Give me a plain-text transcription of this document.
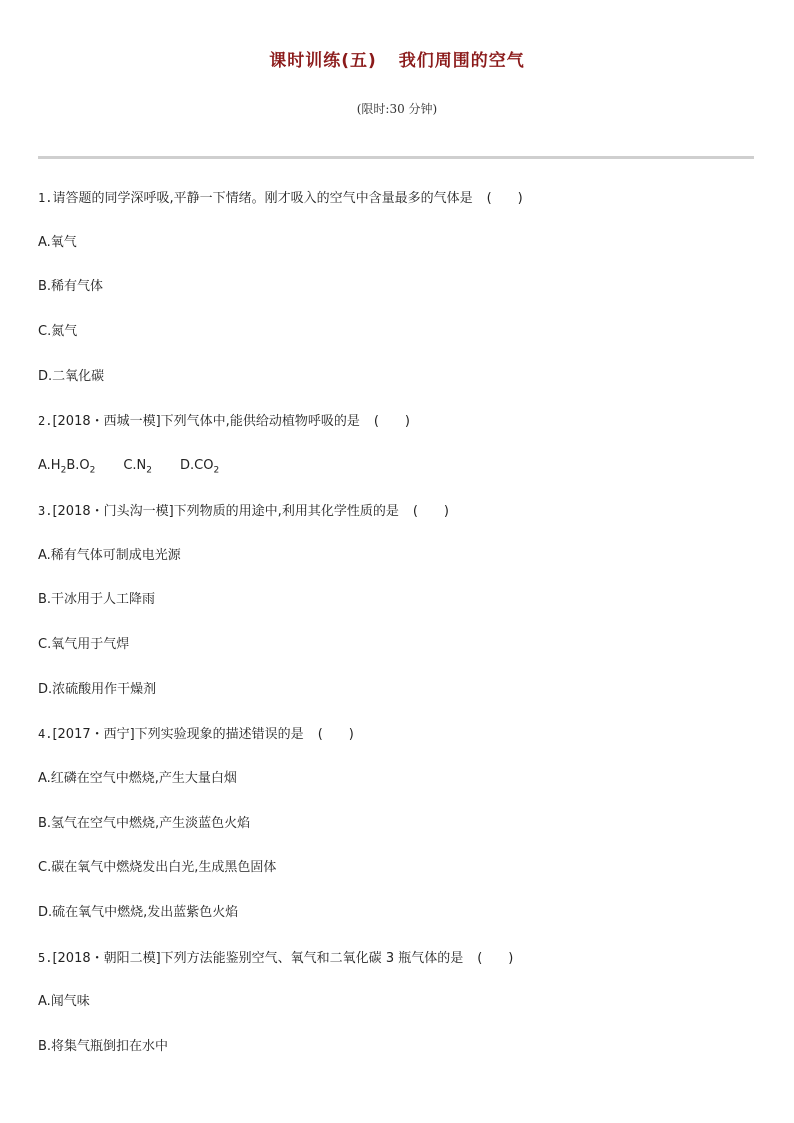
课时训练(五) 我们周围的空气
(限时:30 分钟)
1.请答题的同学深呼吸,平静一下情绪。刚才吸入的空气中含量最多的气体是 (　　)
A.氧气
B.稀有气体
C.氮气
D.二氧化碳
2.[2018・西城一模]下列气体中,能供给动植物呼吸的是 (　　)
$A.H_2B.O_2$ $C.N_2$ $D.CO_2$
3.[2018・门头沟一模]下列物质的用途中,利用其化学性质的是 (　　)
A.稀有气体可制成电光源
B.干冰用于人工降雨
C.氧气用于气焊
D.浓硫酸用作干燥剂
4.[2017・西宁]下列实验现象的描述错误的是 (　　)
A.红磷在空气中燃烧,产生大量白烟
B.氢气在空气中燃烧,产生淡蓝色火焰
C.碳在氧气中燃烧发出白光,生成黑色固体
D.硫在氧气中燃烧,发出蓝紫色火焰
5.[2018・朝阳二模]下列方法能鉴别空气、氧气和二氧化碳 3 瓶气体的是 (　　)
A.闻气味
B.将集气瓶倒扣在水中
